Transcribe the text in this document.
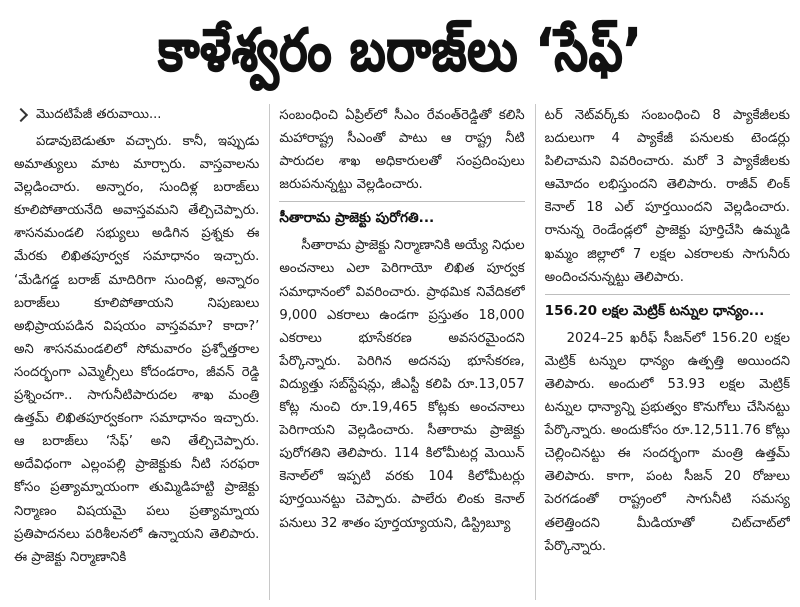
కాళేశ్వరం బరాజ్‌లు ‘సేఫ్‌’
మొదటిపేజీ తరువాయి...

పడావుబెడుతూ వచ్చారు. కానీ, ఇప్పుడు అమాత్యులు మాట మార్చారు. వాస్తవాలను వెల్లడించారు. అన్నారం, సుందిళ్ల బరాజ్‌లు కూలిపోతాయనేది అవాస్తవమని తేల్చిచెప్పారు. శాసనమండలి సభ్యులు అడిగిన ప్రశ్నకు ఈ మేరకు లిఖితపూర్వక సమాధానం ఇచ్చారు. ‘మేడిగడ్డ బరాజ్‌ మాదిరిగా సుందిళ్ల, అన్నారం బరాజ్‌లు కూలిపోతాయని నిపుణులు అభిప్రాయపడిన విషయం వాస్తవమా? కాదా?’ అని శాసనమండలిలో సోమవారం ప్రశ్నోత్తరాల సందర్భంగా ఎమ్మెల్సీలు కోదండరాం, జీవన్‌ రెడ్డి ప్రశ్నించగా.. సాగునీటిపారుదల శాఖ మంత్రి ఉత్తమ్‌ లిఖితపూర్వకంగా సమాధానం ఇచ్చారు. ఆ బరాజ్‌లు ‘సేఫ్‌’ అని తేల్చిచెప్పారు. అదేవిధంగా ఎల్లంపల్లి ప్రాజెక్టుకు నీటి సరఫరా కోసం ప్రత్యామ్నాయంగా తుమ్మిడిహట్టి ప్రాజెక్టు నిర్మాణం విషయమై పలు ప్రత్యామ్నాయ ప్రతిపాదనలు పరిశీలనలో ఉన్నాయని తెలిపారు. ఈ ప్రాజెక్టు నిర్మాణానికి

సంబంధించి ఏప్రిల్‌లో సీఎం రేవంత్‌రెడ్డితో కలిసి మహారాష్ట్ర సీఎంతో పాటు ఆ రాష్ట్ర నీటి పారుదల శాఖ అధికారులతో సంప్రదింపులు జరుపనున్నట్టు వెల్లడించారు.

సీతారామ ప్రాజెక్టు పురోగతి...

సీతారామ ప్రాజెక్టు నిర్మాణానికి అయ్యే నిధుల అంచనాలు ఎలా పెరిగాయో లిఖిత పూర్వక సమాధానంలో వివరించారు. ప్రాథమిక నివేదికలో 9,000 ఎకరాలు ఉండగా ప్రస్తుతం 18,000 ఎకరాలు భూసేకరణ అవసరమైందని పేర్కొన్నారు. పెరిగిన అదనపు భూసేకరణ, విద్యుత్తు సబ్‌స్టేషన్లు, జీఎస్టీ కలిపి రూ.13,057 కోట్ల నుంచి రూ.19,465 కోట్లకు అంచనాలు పెరిగాయని వెల్లడించారు. సీతారామ ప్రాజెక్టు పురోగతిని తెలిపారు. 114 కిలోమీటర్ల మెయిన్‌ కెనాల్‌లో ఇప్పటి వరకు 104 కిలోమీటర్లు పూర్తయినట్టు చెప్పారు. పాలేరు లింకు కెనాల్‌ పనులు 32 శాతం పూర్తయ్యాయని, డిస్ట్రిబ్యూ

టర్‌ నెట్‌వర్క్‌కు సంబంధించి 8 ప్యాకేజీలకు బదులుగా 4 ప్యాకేజీ పనులకు టెండర్లు పిలిచామని వివరించారు. మరో 3 ప్యాకేజీలకు ఆమోదం లభిస్తుందని తెలిపారు. రాజీవ్‌ లింక్‌ కెనాల్‌ 18 ఎల్‌ పూర్తయిందని వెల్లడించారు. రానున్న రెండేండ్లలో ప్రాజెక్టు పూర్తిచేసి ఉమ్మడి ఖమ్మం జిల్లాలో 7 లక్షల ఎకరాలకు సాగునీరు అందించనున్నట్టు తెలిపారు.

156.20 లక్షల మెట్రిక్‌ టన్నుల ధాన్యం...

2024–25 ఖరీఫ్‌ సీజన్‌లో 156.20 లక్షల మెట్రిక్‌ టన్నుల ధాన్యం ఉత్పత్తి అయిందని తెలిపారు. అందులో 53.93 లక్షల మెట్రిక్‌ టన్నుల ధాన్యాన్ని ప్రభుత్వం కొనుగోలు చేసినట్టు పేర్కొన్నారు. అందుకోసం రూ.12,511.76 కోట్లు చెల్లించినట్టు ఈ సందర్భంగా మంత్రి ఉత్తమ్‌ తెలిపారు. కాగా, పంట సీజన్‌ 20 రోజులు పెరగడంతో రాష్ట్రంలో సాగునీటి సమస్య తలెత్తిందని మీడియాతో చిట్‌చాట్‌లో పేర్కొన్నారు.
